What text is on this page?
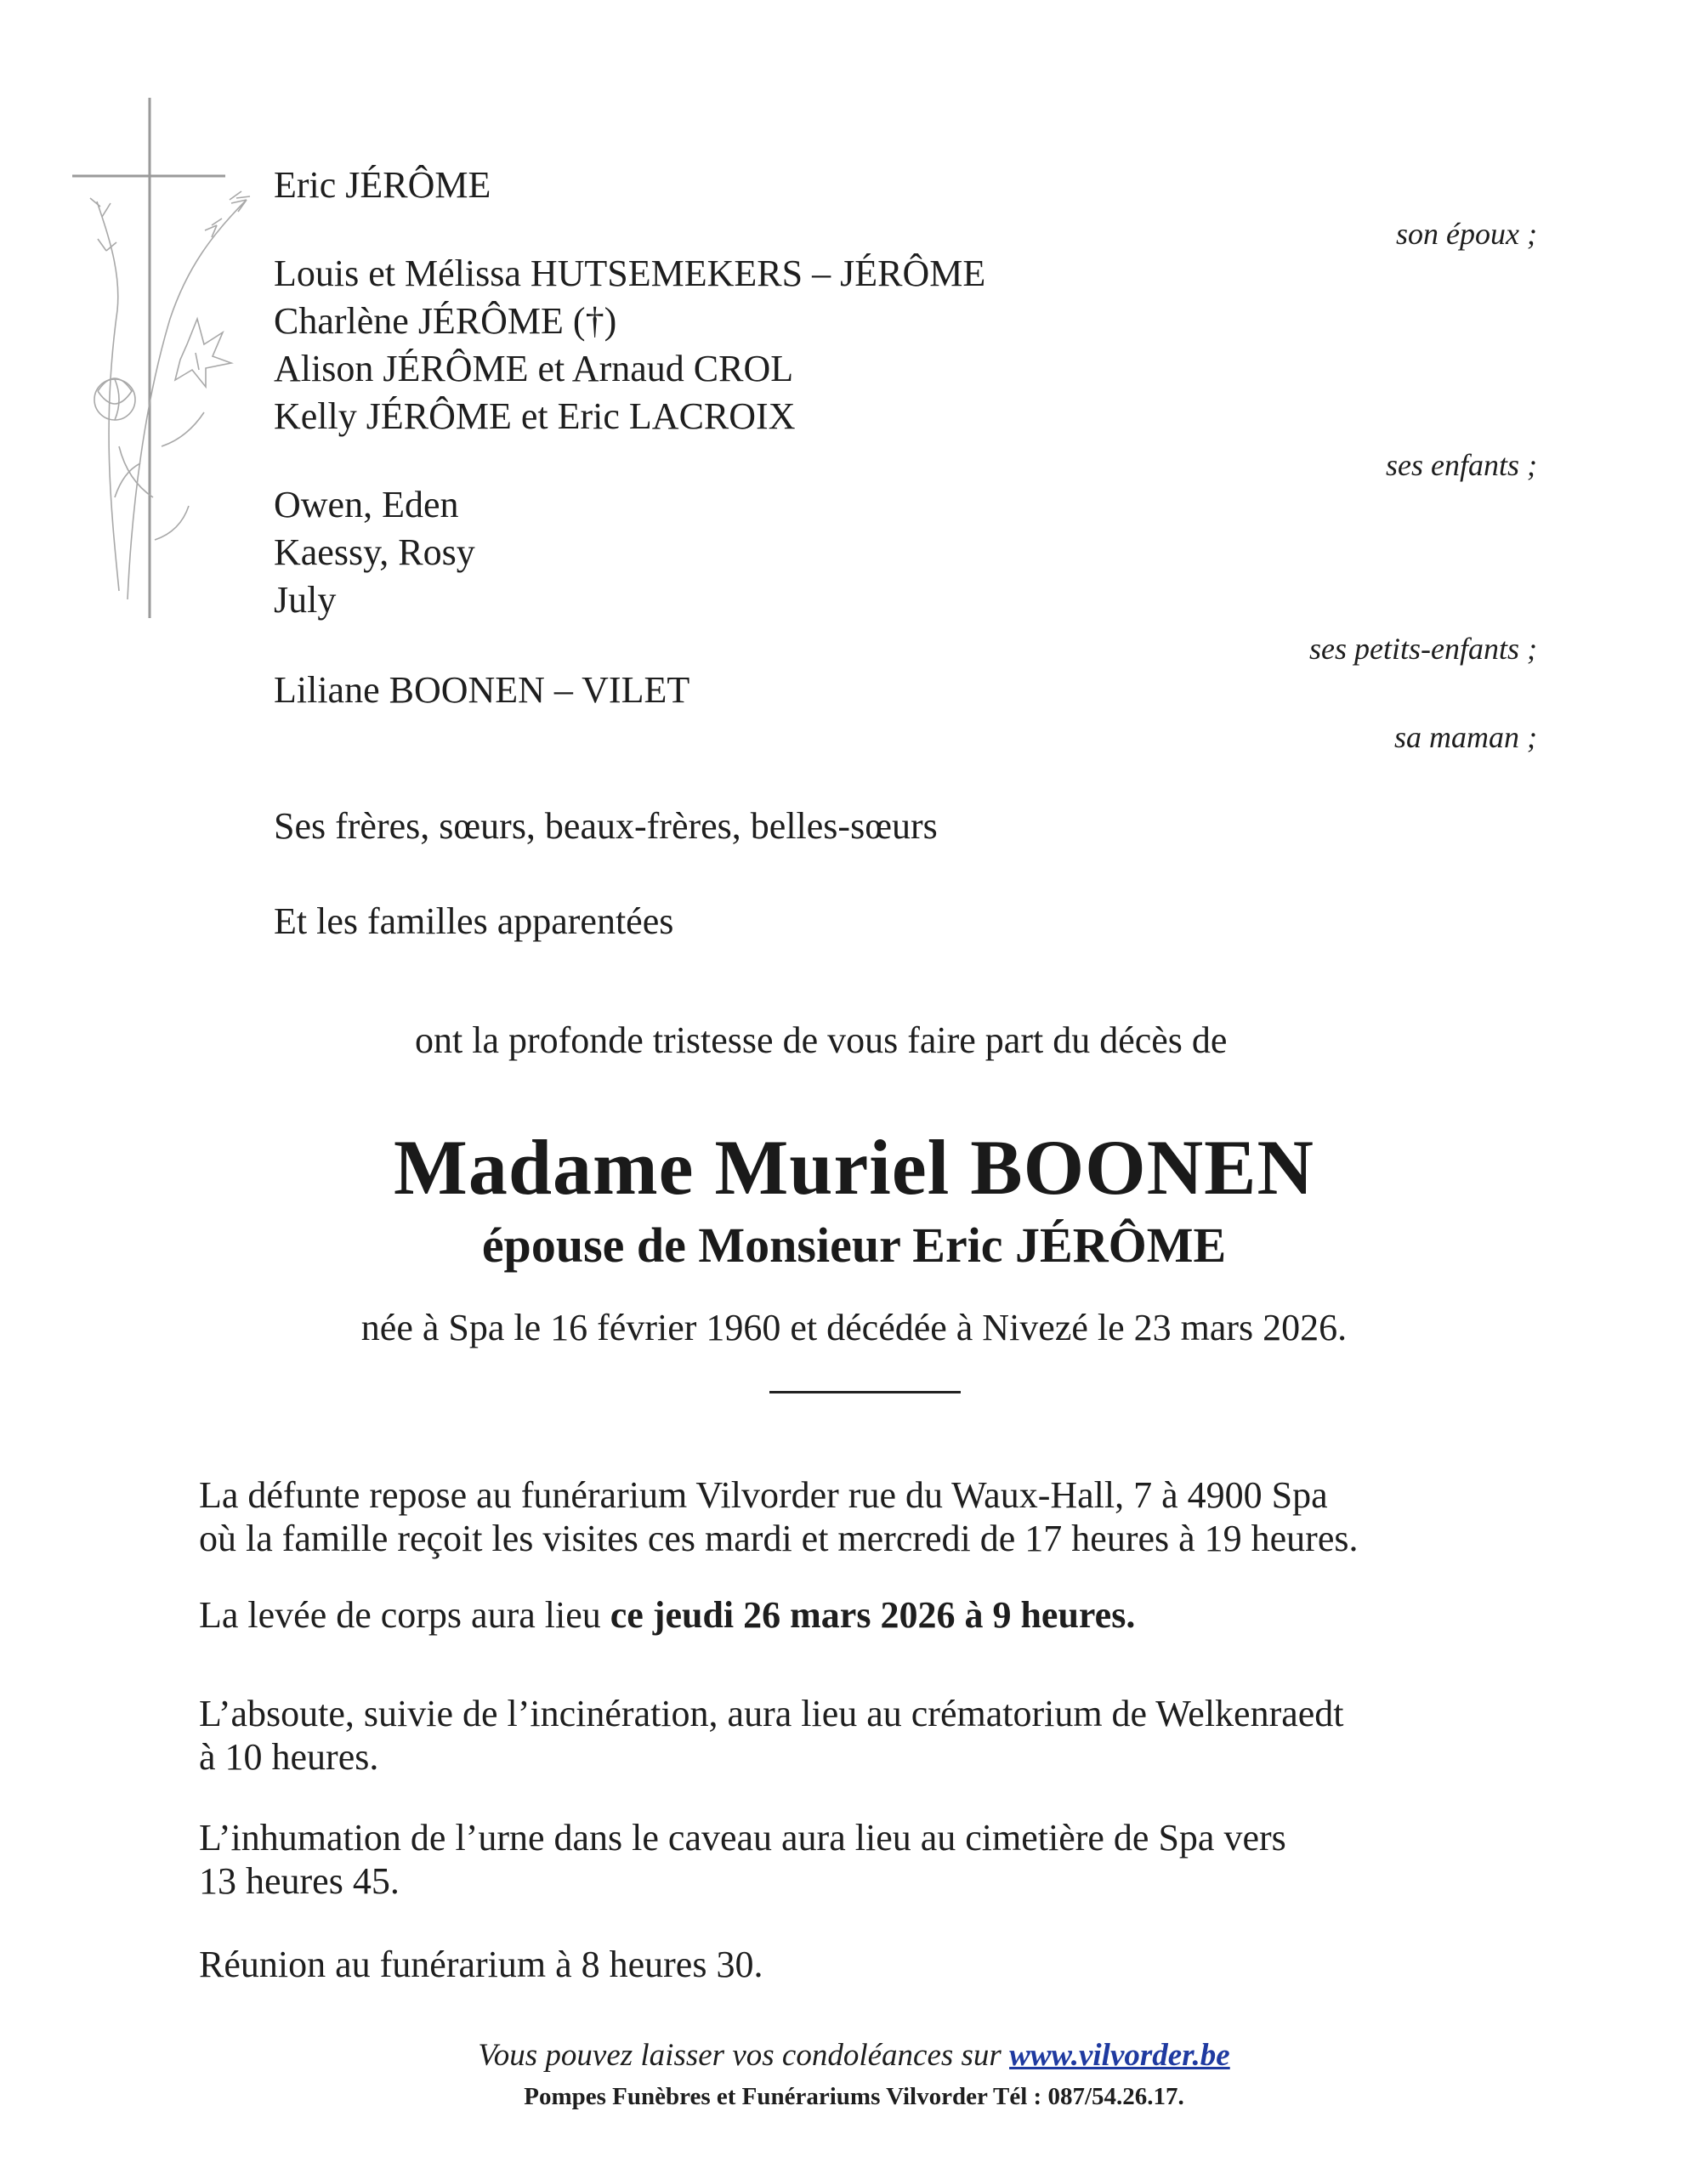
Eric JÉRÔME
son époux ;
Louis et Mélissa HUTSEMEKERS – JÉRÔME
Charlène JÉRÔME (†)
Alison JÉRÔME et Arnaud CROL
Kelly JÉRÔME et Eric LACROIX
ses enfants ;
Owen, Eden
Kaessy, Rosy
July
ses petits-enfants ;
Liliane BOONEN – VILET
sa maman ;
Ses frères, sœurs, beaux-frères, belles-sœurs
Et les familles apparentées
ont la profonde tristesse de vous faire part du décès de
Madame Muriel BOONEN
épouse de Monsieur Eric JÉRÔME
née à Spa le 16 février 1960 et décédée à Nivezé le 23 mars 2026.
La défunte repose au funérarium Vilvorder rue du Waux-Hall, 7 à 4900 Spa
où la famille reçoit les visites ces mardi et mercredi de 17 heures à 19 heures.
La levée de corps aura lieu ce jeudi 26 mars 2026 à 9 heures.
L’absoute, suivie de l’incinération, aura lieu au crématorium de Welkenraedt
à 10 heures.
L’inhumation de l’urne dans le caveau aura lieu au cimetière de Spa vers
13 heures 45.
Réunion au funérarium à 8 heures 30.
Vous pouvez laisser vos condoléances sur www.vilvorder.be
Pompes Funèbres et Funérariums Vilvorder Tél : 087/54.26.17.
